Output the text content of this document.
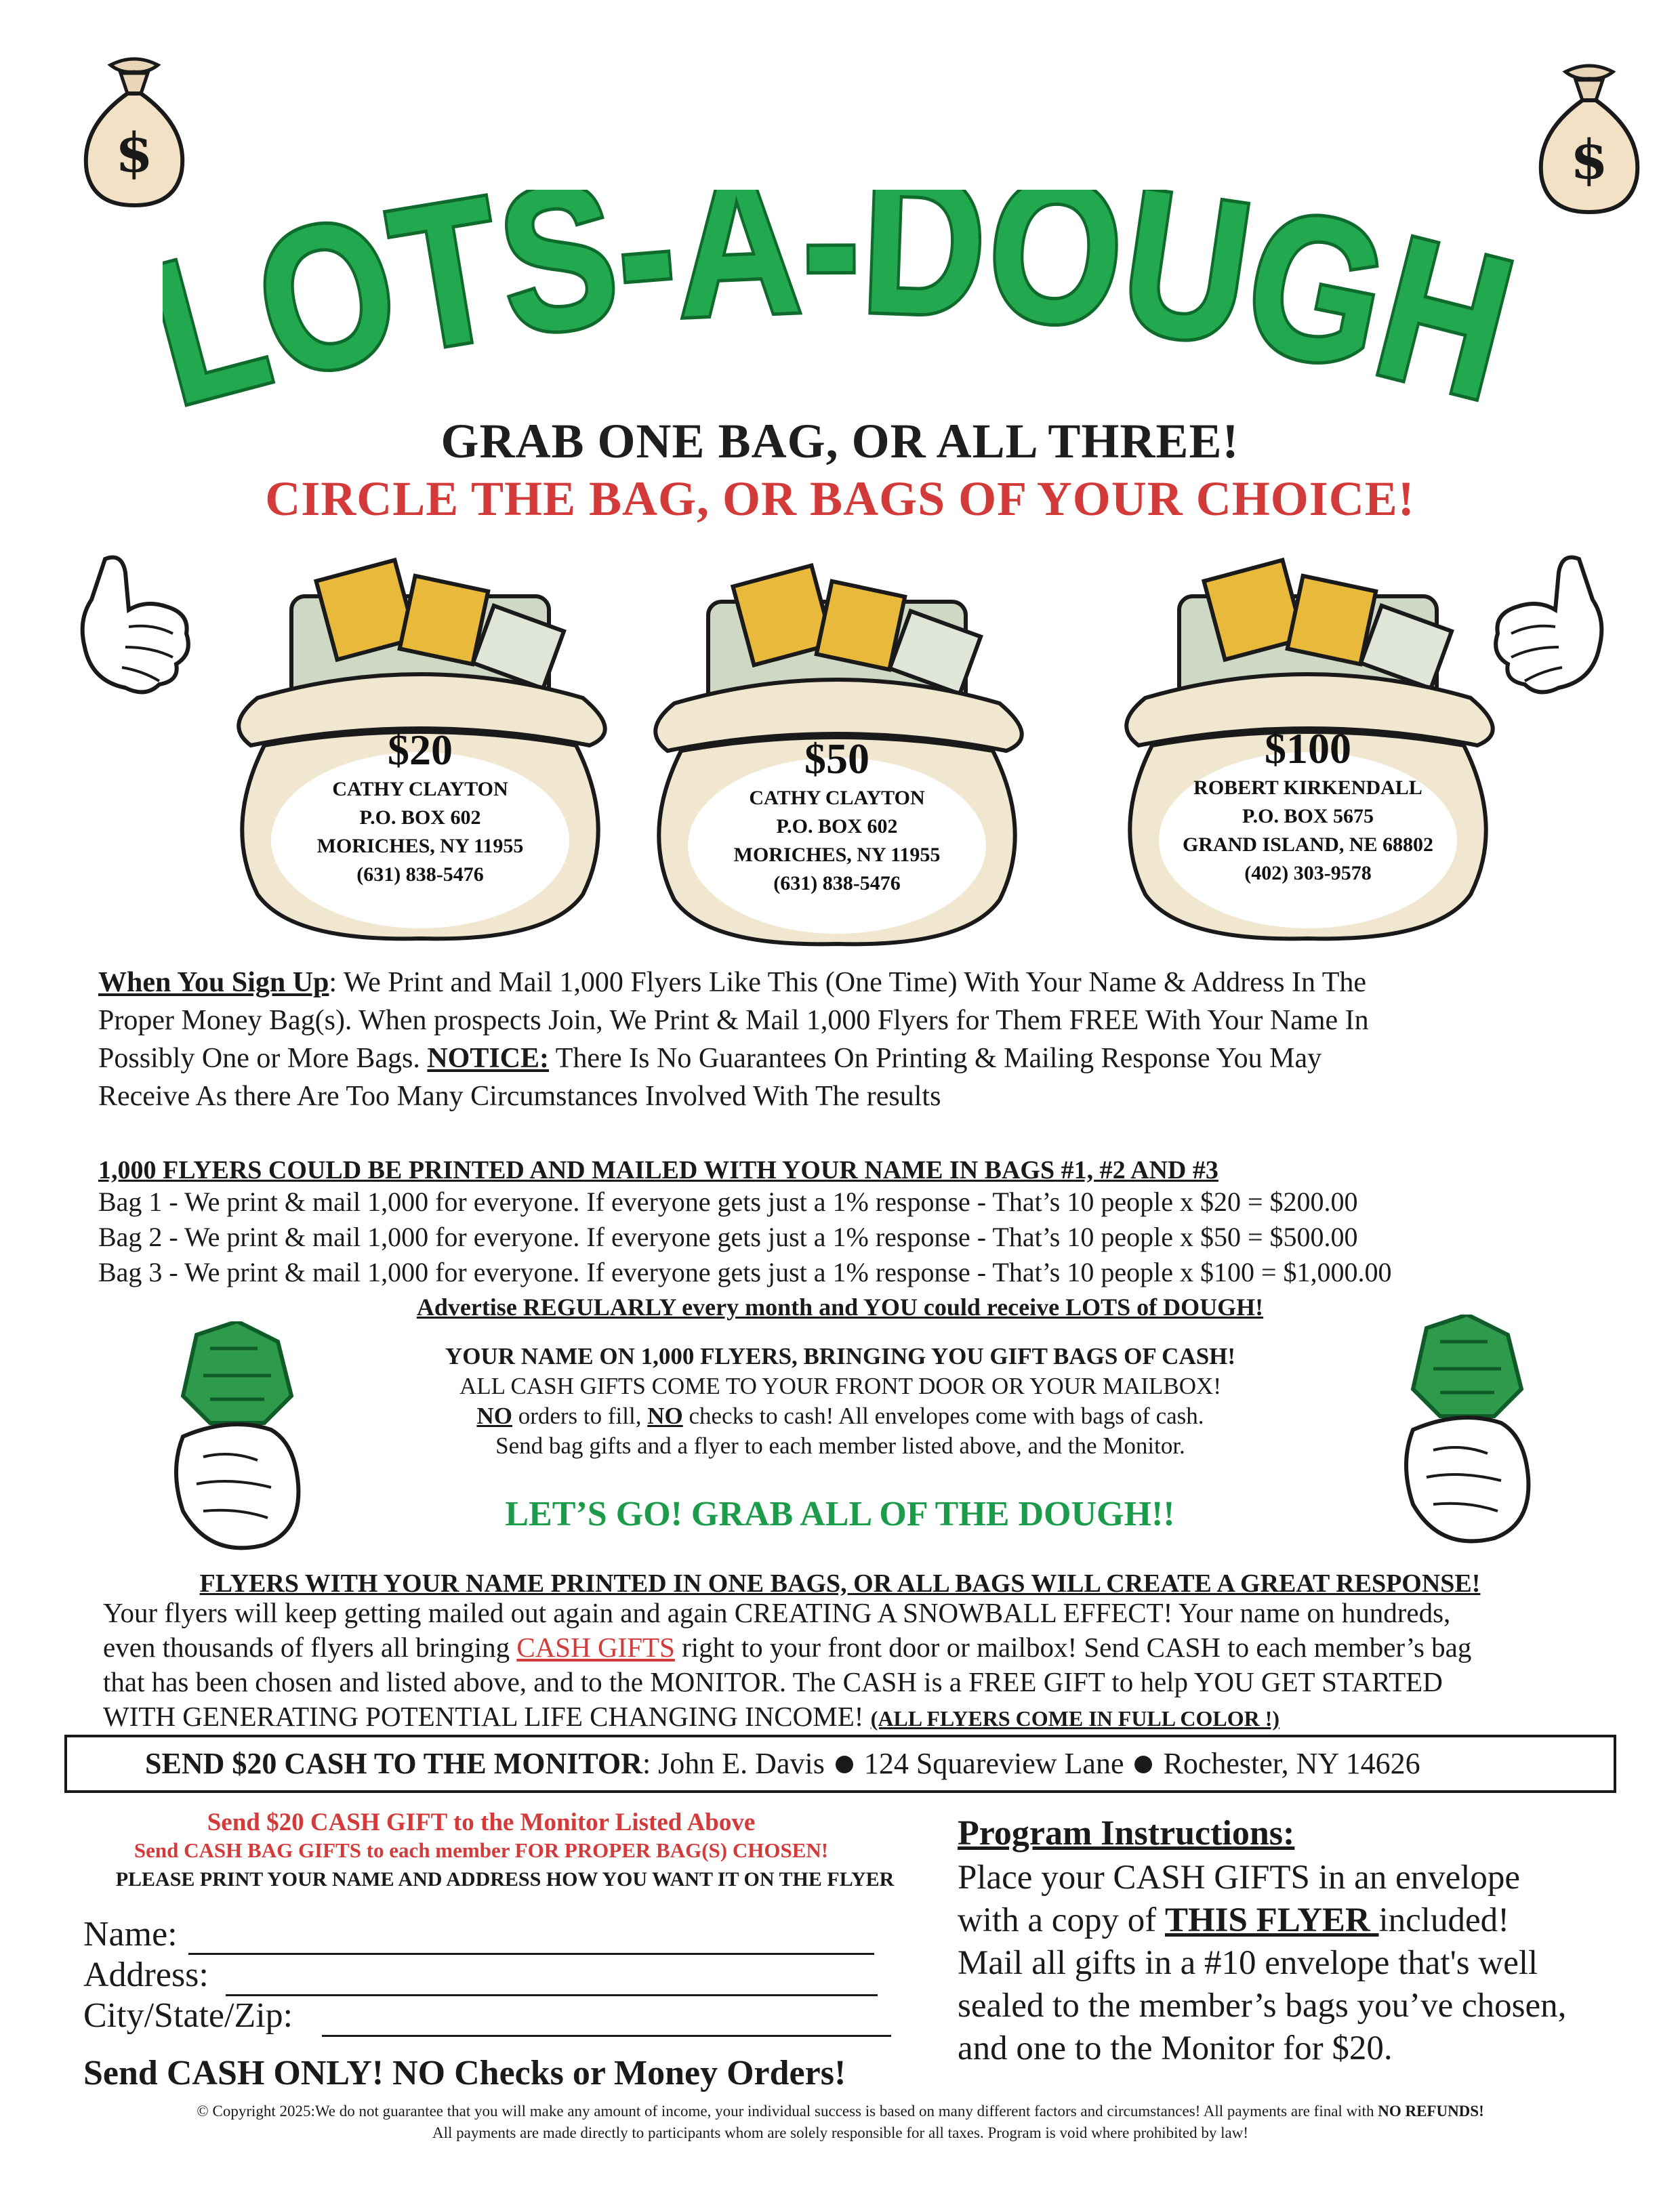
$	$
OTS-A-DOUG
GRAB ONE BAG, OR ALL THREE!
CIRCLE THE BAG, OR BAGS OF YOUR CHOICE!
$20
CATHY CLAYTON
P.O. BOX 602
MORICHES, NY 11955
(631) 838-5476
$50
CATHY CLAYTON
P.O. BOX 602
MORICHES, NY 11955
(631) 838-5476
$100
ROBERT KIRKENDALL
P.O. BOX 5675
GRAND ISLAND, NE 68802
(402) 303-9578
When You Sign Up: We Print and Mail 1,000 Flyers Like This (One Time) With Your Name & Address In The
Proper Money Bag(s). When prospects Join, We Print & Mail 1,000 Flyers for Them FREE With Your Name In
Possibly One or More Bags. NOTICE: There Is No Guarantees On Printing & Mailing Response You May
Receive As there Are Too Many Circumstances Involved With The results
1,000 FLYERS COULD BE PRINTED AND MAILED WITH YOUR NAME IN BAGS #1, #2 AND #3
Bag 1 - We print & mail 1,000 for everyone. If everyone gets just a 1% response - That’s 10 people x $20 = $200.00
Bag 2 - We print & mail 1,000 for everyone. If everyone gets just a 1% response - That’s 10 people x $50 = $500.00
Bag 3 - We print & mail 1,000 for everyone. If everyone gets just a 1% response - That’s 10 people x $100 = $1,000.00
Advertise REGULARLY every month and YOU could receive LOTS of DOUGH!
YOUR NAME ON 1,000 FLYERS, BRINGING YOU GIFT BAGS OF CASH!
ALL CASH GIFTS COME TO YOUR FRONT DOOR OR YOUR MAILBOX!
NO orders to fill, NO checks to cash! All envelopes come with bags of cash.
Send bag gifts and a flyer to each member listed above, and the Monitor.
LET’S GO! GRAB ALL OF THE DOUGH!!
FLYERS WITH YOUR NAME PRINTED IN ONE BAGS, OR ALL BAGS WILL CREATE A GREAT RESPONSE!
Your flyers will keep getting mailed out again and again CREATING A SNOWBALL EFFECT! Your name on hundreds,
even thousands of flyers all bringing CASH GIFTS right to your front door or mailbox! Send CASH to each member’s bag
that has been chosen and listed above, and to the MONITOR. The CASH is a FREE GIFT to help YOU GET STARTED
WITH GENERATING POTENTIAL LIFE CHANGING INCOME! (ALL FLYERS COME IN FULL COLOR !)
SEND $20 CASH TO THE MONITOR: John E. Davis 124 Squareview Lane Rochester, NY 14626
Send $20 CASH GIFT to the Monitor Listed Above
Send CASH BAG GIFTS to each member FOR PROPER BAG(S) CHOSEN!
PLEASE PRINT YOUR NAME AND ADDRESS HOW YOU WANT IT ON THE FLYER
Name:
Address:
City/State/Zip:
Send CASH ONLY! NO Checks or Money Orders!
Program Instructions:
Place your CASH GIFTS in an envelope
with a copy of THIS FLYER included!
Mail all gifts in a #10 envelope that's well
sealed to the member’s bags you’ve chosen,
and one to the Monitor for $20.
© Copyright 2025:We do not guarantee that you will make any amount of income, your individual success is based on many different factors and circumstances! All payments are final with NO REFUNDS!
All payments are made directly to participants whom are solely responsible for all taxes. Program is void where prohibited by law!
